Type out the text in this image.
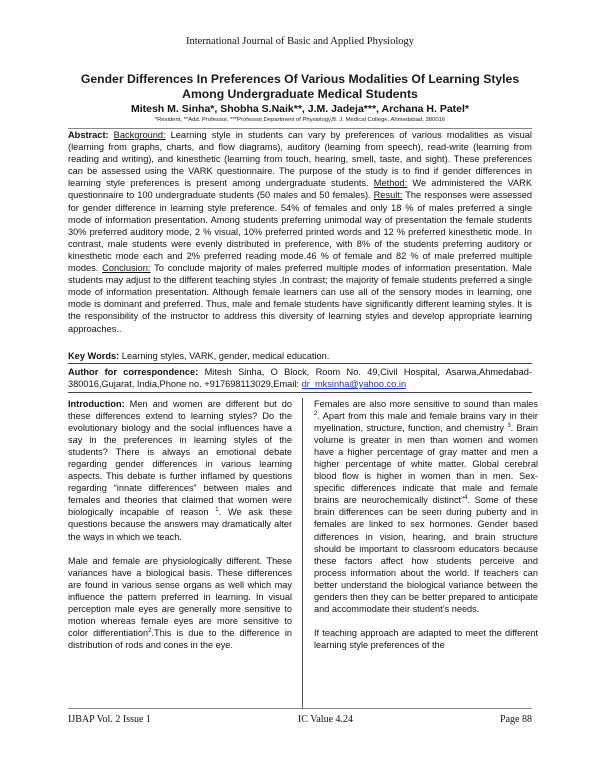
International Journal of Basic and Applied Physiology
Gender Differences In Preferences Of Various Modalities Of Learning Styles Among Undergraduate Medical Students
Mitesh M. Sinha*, Shobha S.Naik**, J.M. Jadeja***, Archana H. Patel*
*Resident, **Add. Professor, ***Professor,Department of Physiology,B. J. Medical College, Ahmedabad, 380016

Abstract: Background: Learning style in students can vary by preferences of various modalities as visual (learning from graphs, charts, and flow diagrams), auditory (learning from speech), read-write (learning from reading and writing), and kinesthetic (learning from touch, hearing, smell, taste, and sight). These preferences can be assessed using the VARK questionnaire. The purpose of the study is to find if gender differences in learning style preferences is present among undergraduate students. Method: We administered the VARK questionnaire to 100 undergraduate students (50 males and 50 females). Result: The responses were assessed for gender difference in learning style preference. 54% of females and only 18 % of males preferred a single mode of information presentation. Among students preferring unimodal way of presentation the female students 30% preferred auditory mode, 2 % visual, 10% preferred printed words and 12 % preferred kinesthetic mode. In contrast, male students were evenly distributed in preference, with 8% of the students preferring auditory or kinesthetic mode each and 2% preferred reading mode.46 % of female and 82 % of male preferred multiple modes. Conclusion: To conclude majority of males preferred multiple modes of information presentation. Male students may adjust to the different teaching styles .In contrast; the majority of female students preferred a single mode of information presentation. Although female learners can use all of the sensory modes in learning, one mode is dominant and preferred. Thus, male and female students have significantly different learning styles. It is the responsibility of the instructor to address this diversity of learning styles and develop appropriate learning approaches..

Key Words: Learning styles, VARK, gender, medical education.
Author for correspondence: Mitesh Sinha, O Block, Room No. 49,Civil Hospital, Asarwa,Ahmedabad-380016,Gujarat, India,Phone no. +917698113029,Email: dr_mksinha@yahoo.co.in

Introduction: Men and women are different but do these differences extend to learning styles? Do the evolutionary biology and the social influences have a say in the preferences in learning styles of the students? There is always an emotional debate regarding gender differences in various learning aspects. This debate is further inflamed by questions regarding “innate differences” between males and females and theories that claimed that women were biologically incapable of reason $^1$. We ask these questions because the answers may dramatically alter the ways in which we teach.

Male and female are physiologically different. These variances have a biological basis. These differences are found in various sense organs as well which may influence the pattern preferred in learning. In visual perception male eyes are generally more sensitive to motion whereas female eyes are more sensitive to color differentiation$^2$.This is due to the difference in distribution of rods and cones in the eye.

Females are also more sensitive to sound than males $^2$. Apart from this male and female brains vary in their myelination, structure, function, and chemistry $^3$. Brain volume is greater in men than women and women have a higher percentage of gray matter and men a higher percentage of white matter. Global cerebral blood flow is higher in women than in men. Sex-specific differences indicate that male and female brains are neurochemically distinct”$^4$. Some of these brain differences can be seen during puberty and in females are linked to sex hormones. Gender based differences in vision, hearing, and brain structure should be important to classroom educators because these factors affect how students perceive and process information about the world. If teachers can better understand the biological variance between the genders then they can be better prepared to anticipate and accommodate their student’s needs.

If teaching approach are adapted to meet the different learning style preferences of the

IJBAP Vol. 2 Issue 1	IC Value 4.24	Page 88
